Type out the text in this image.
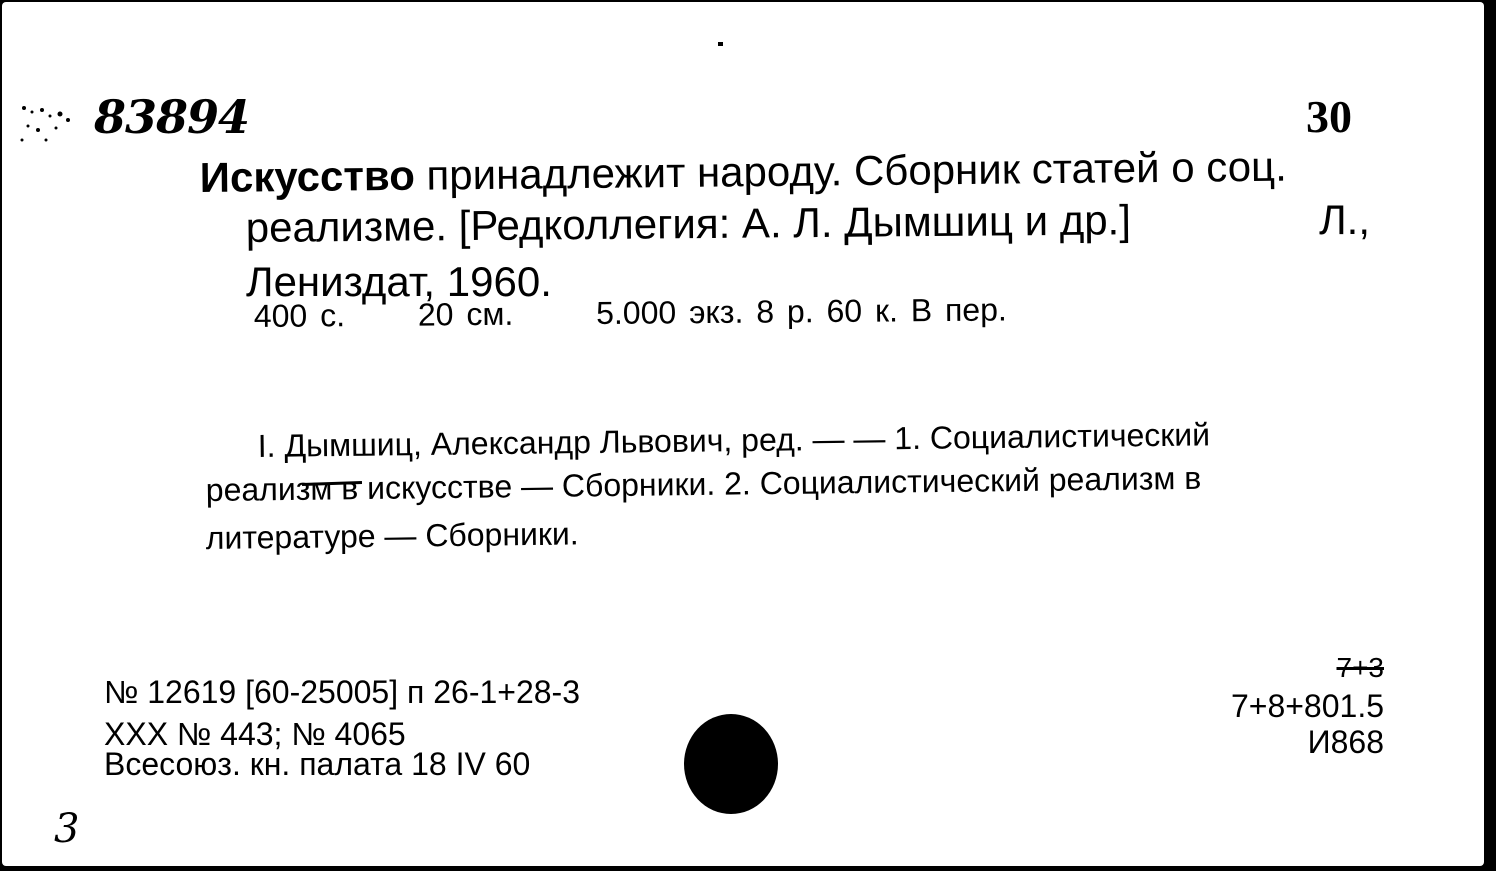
83894	30
Искусство принадлежит народу. Сборник статей о соц.
реализме. [Редколлегия: А. Л. Дымшиц и др.]	Л.,
Лениздат, 1960.
400 с. 20 см.	5.000 экз. 8 р. 60 к. В пер.
I. Дымшиц, Александр Львович, ред. — — 1. Социалистический
реализм в искусстве — Сборники. 2. Социалистический реализм в
литературе — Сборники.
№ 12619 [60-25005] п 26-1+28-3
XXX № 443; № 4065
Всесоюз. кн. палата 18 IV 60
7+3
7+8+801.5
И868
3
